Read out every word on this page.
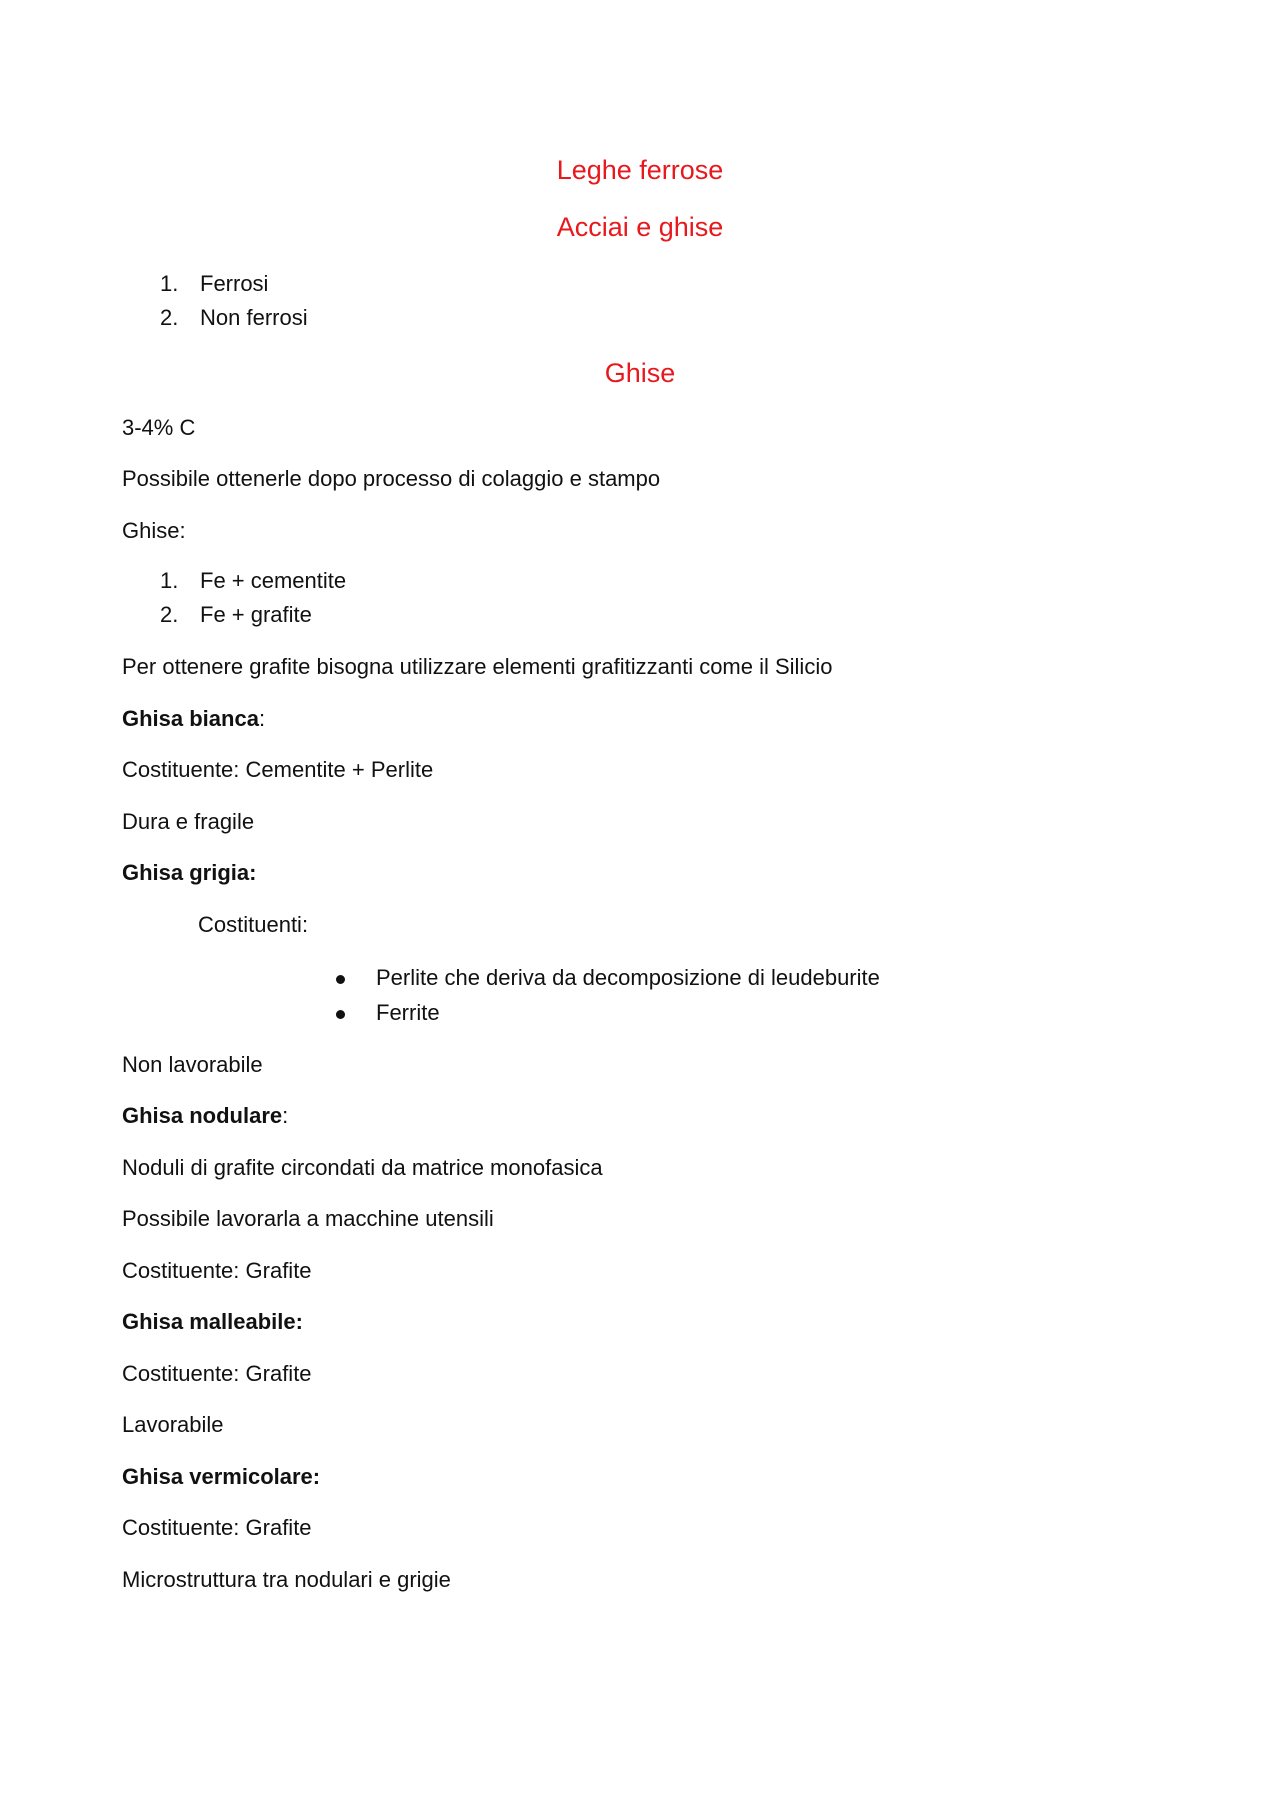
Leghe ferrose
Acciai e ghise
1. Ferrosi
2. Non ferrosi
Ghise
3-4% C
Possibile ottenerle dopo processo di colaggio e stampo
Ghise:
1. Fe + cementite
2. Fe + grafite
Per ottenere grafite bisogna utilizzare elementi grafitizzanti come il Silicio
Ghisa bianca:
Costituente: Cementite + Perlite
Dura e fragile
Ghisa grigia:
Costituenti:
Perlite che deriva da decomposizione di leudeburite
Ferrite
Non lavorabile
Ghisa nodulare:
Noduli di grafite circondati da matrice monofasica
Possibile lavorarla a macchine utensili
Costituente: Grafite
Ghisa malleabile:
Costituente: Grafite
Lavorabile
Ghisa vermicolare:
Costituente: Grafite
Microstruttura tra nodulari e grigie
